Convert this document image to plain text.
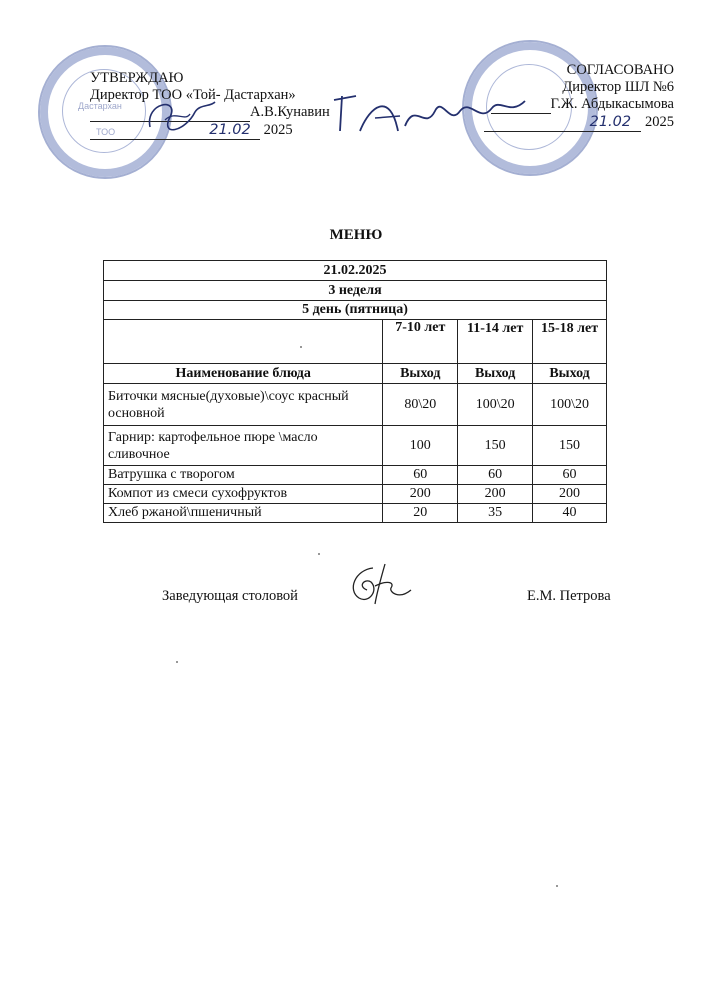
Дастархан
ТОО
УТВЕРЖДАЮ
Директор ТОО «Той- Дастархан»
А.В.Кунавин
21.02 2025
СОГЛАСОВАНО
Директор ШЛ №6
Г.Ж. Абдыкасымова
21.02 2025
МЕНЮ
21.02.2025			
3 неделя			
5 день (пятница)			
	7-10 лет	11-14 лет	15-18 лет
Наименование блюда	Выход	Выход	Выход
Биточки мясные(духовые)\соус красный основной	80\20	100\20	100\20
Гарнир: картофельное пюре \масло сливочное	100	150	150
Ватрушка с творогом	60	60	60
Компот из смеси сухофруктов	200	200	200
Хлеб ржаной\пшеничный	20	35	40
Заведующая столовой	Е.М. Петрова
